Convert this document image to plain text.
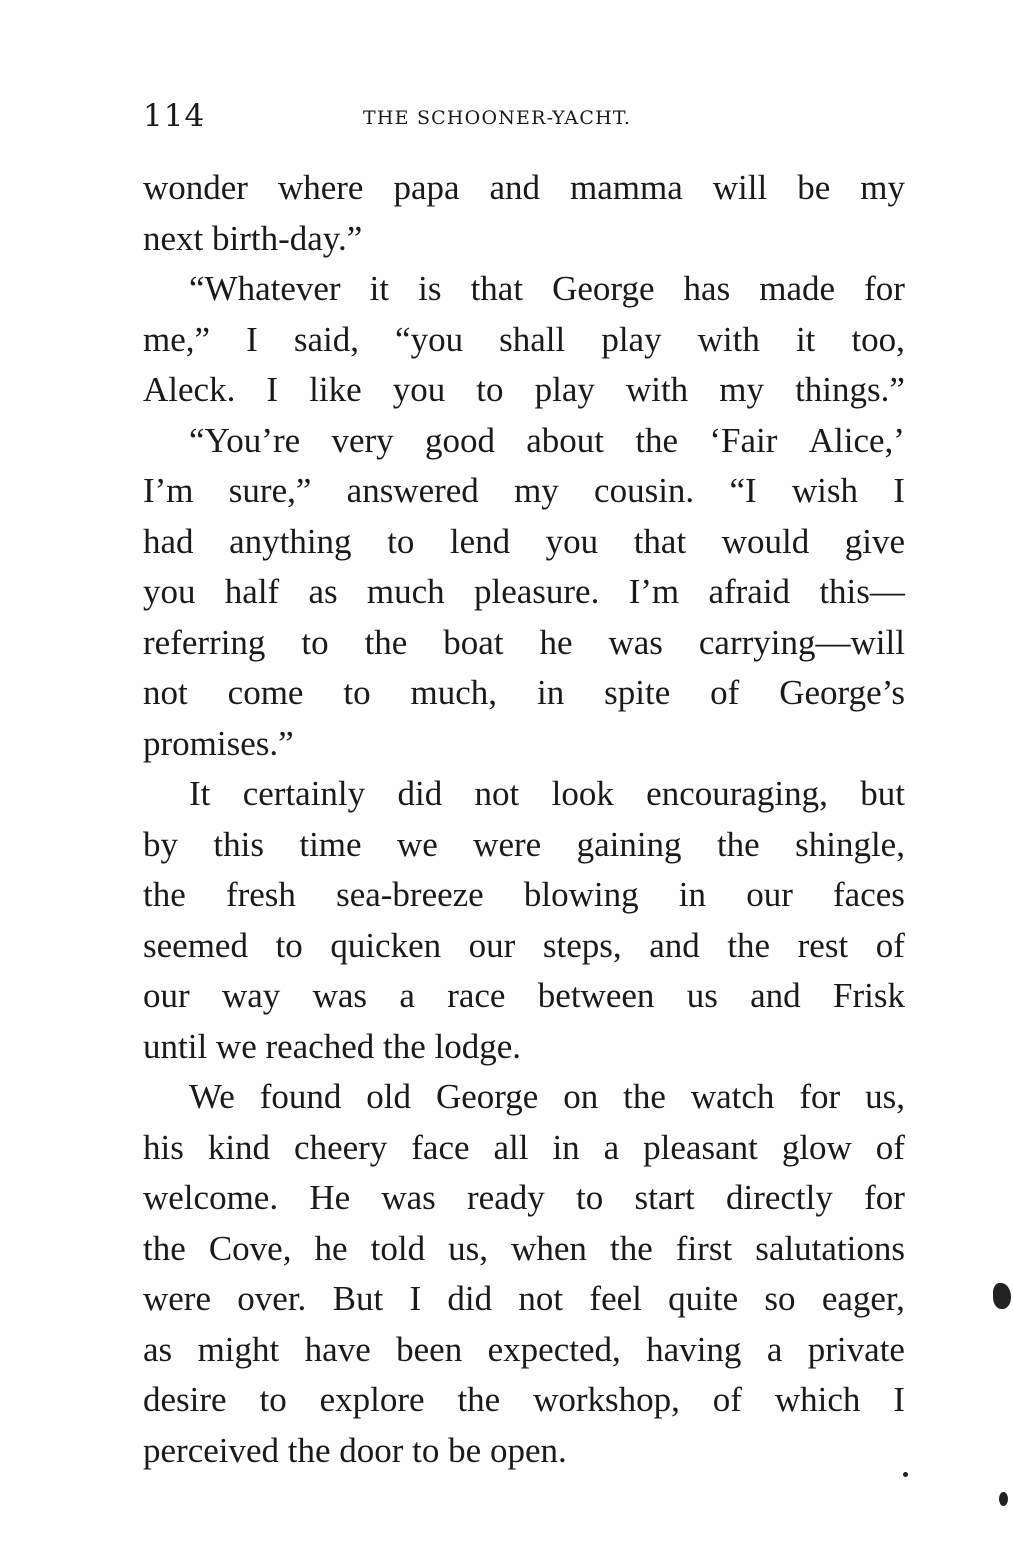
114	THE SCHOONER-YACHT.
wonder where papa and mamma will be my
next birth-day.”
“Whatever it is that George has made for
me,” I said, “you shall play with it too,
Aleck. I like you to play with my things.”
“You’re very good about the ‘Fair Alice,’
I’m sure,” answered my cousin. “I wish I
had anything to lend you that would give
you half as much pleasure. I’m afraid this—
referring to the boat he was carrying—will
not come to much, in spite of George’s
promises.”
It certainly did not look encouraging, but
by this time we were gaining the shingle,
the fresh sea-breeze blowing in our faces
seemed to quicken our steps, and the rest of
our way was a race between us and Frisk
until we reached the lodge.
We found old George on the watch for us,
his kind cheery face all in a pleasant glow of
welcome. He was ready to start directly for
the Cove, he told us, when the first salutations
were over. But I did not feel quite so eager,
as might have been expected, having a private
desire to explore the workshop, of which I
perceived the door to be open.
